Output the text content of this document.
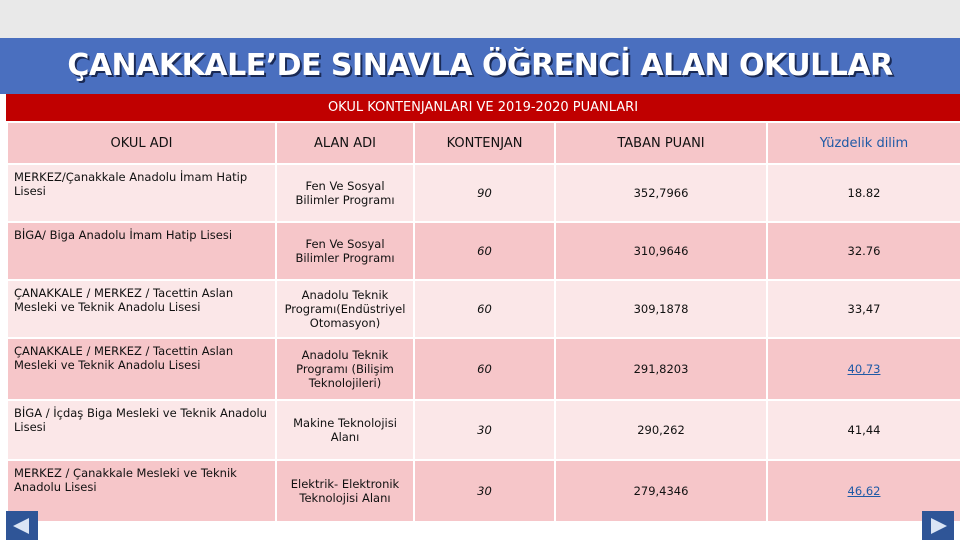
ÇANAKKALE’DE SINAVLA ÖĞRENCİ ALAN OKULLAR
OKUL KONTENJANLARI VE 2019-2020 PUANLARI
OKUL ADI	ALAN ADI	KONTENJAN	TABAN PUANI	Yüzdelik dilim
MERKEZ/Çanakkale Anadolu İmam Hatip Lisesi	Fen Ve Sosyal Bilimler Programı	90	352,7966	18.82
BİGA/ Biga Anadolu İmam Hatip Lisesi	Fen Ve Sosyal Bilimler Programı	60	310,9646	32.76
ÇANAKKALE / MERKEZ / Tacettin Aslan Mesleki ve Teknik Anadolu Lisesi	Anadolu Teknik Programı(Endüstriyel Otomasyon)	60	309,1878	33,47
ÇANAKKALE / MERKEZ / Tacettin Aslan Mesleki ve Teknik Anadolu Lisesi	Anadolu Teknik Programı (Bilişim Teknolojileri)	60	291,8203	40,73
BİGA / İçdaş Biga Mesleki ve Teknik Anadolu Lisesi	Makine Teknolojisi Alanı	30	290,262	41,44
MERKEZ / Çanakkale Mesleki ve Teknik Anadolu Lisesi	Elektrik- Elektronik Teknolojisi Alanı	30	279,4346	46,62
